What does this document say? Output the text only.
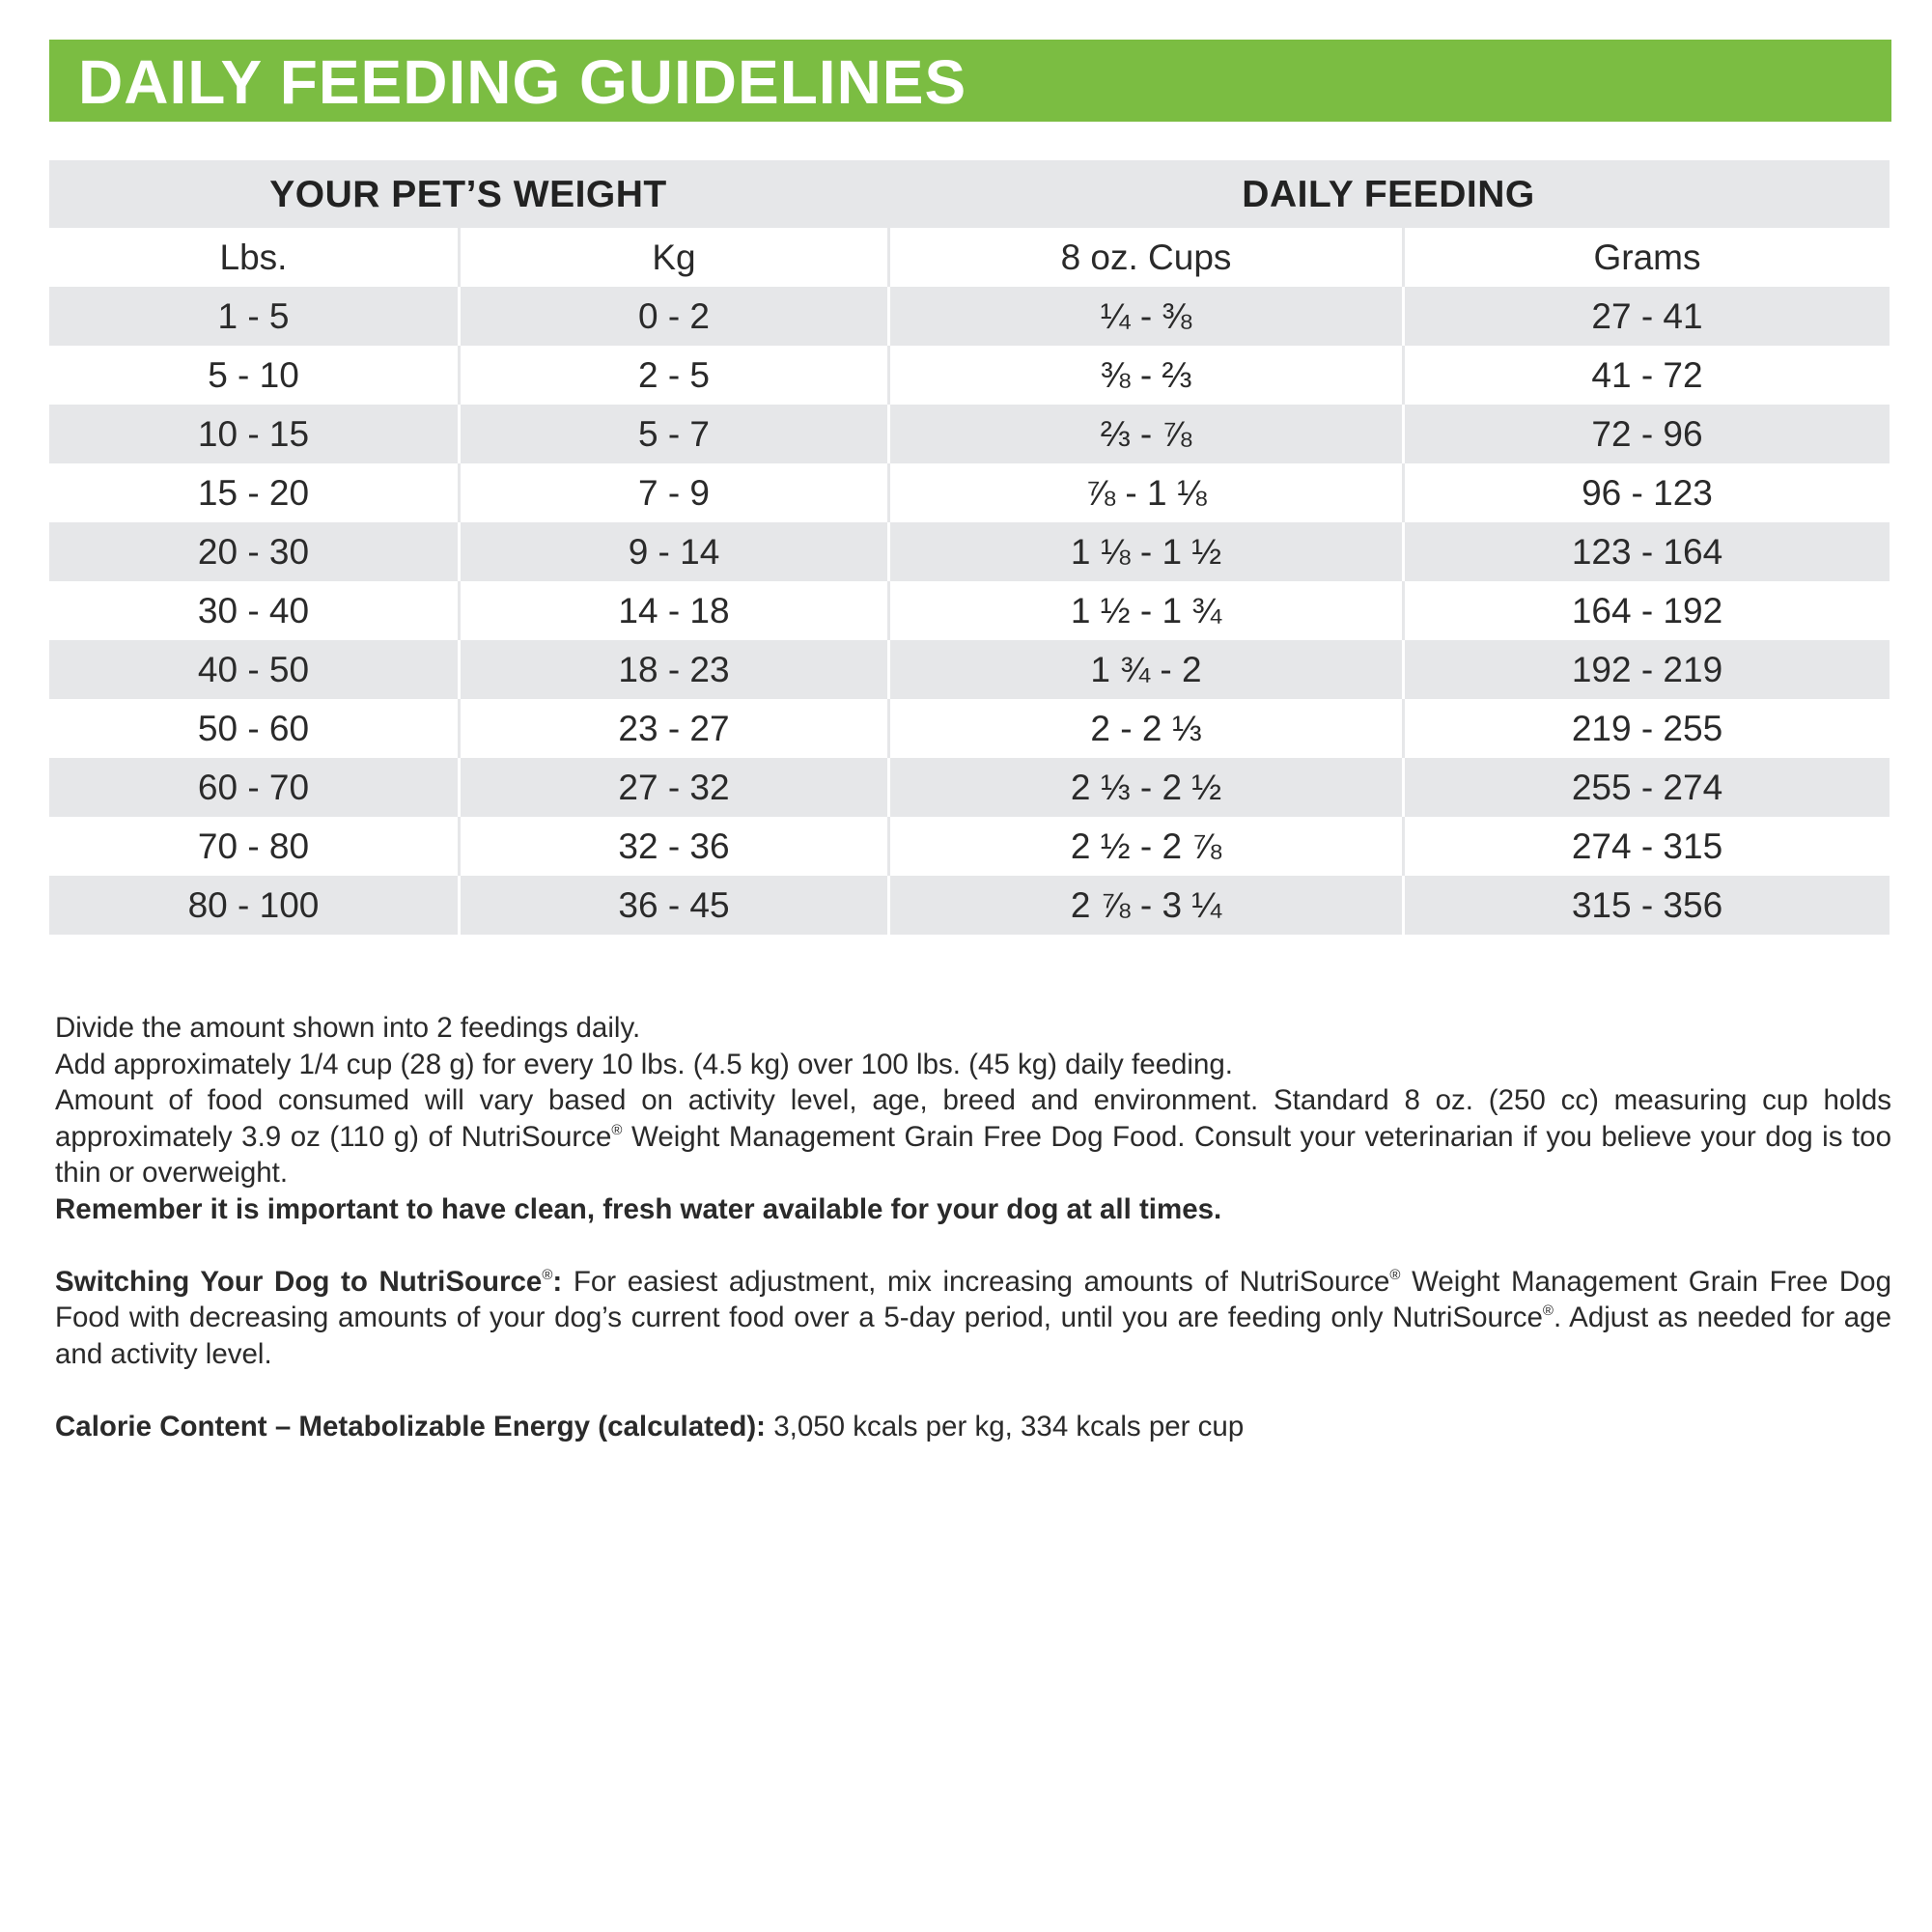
DAILY FEEDING GUIDELINES
YOUR PET’S WEIGHT	DAILY FEEDING
Lbs.	Kg	8 oz. Cups	Grams
1 - 5	0 - 2	¼ - ⅜	27 - 41
5 - 10	2 - 5	⅜ - ⅔	41 - 72
10 - 15	5 - 7	⅔ - ⅞	72 - 96
15 - 20	7 - 9	⅞ - 1 ⅛	96 - 123
20 - 30	9 - 14	1 ⅛ - 1 ½	123 - 164
30 - 40	14 - 18	1 ½ - 1 ¾	164 - 192
40 - 50	18 - 23	1 ¾ - 2	192 - 219
50 - 60	23 - 27	2 - 2 ⅓	219 - 255
60 - 70	27 - 32	2 ⅓ - 2 ½	255 - 274
70 - 80	32 - 36	2 ½ - 2 ⅞	274 - 315
80 - 100	36 - 45	2 ⅞ - 3 ¼	315 - 356

Divide the amount shown into 2 feedings daily.

Add approximately 1/4 cup (28 g) for every 10 lbs. (4.5 kg) over 100 lbs. (45 kg) daily feeding.

Amount of food consumed will vary based on activity level, age, breed and environment. Standard 8 oz. (250 cc) measuring cup holds approximately 3.9 oz (110 g) of NutriSource® Weight Management Grain Free Dog Food. Consult your veterinarian if you believe your dog is too thin or overweight.

Remember it is important to have clean, fresh water available for your dog at all times.

Switching Your Dog to NutriSource®: For easiest adjustment, mix increasing amounts of NutriSource® Weight Management Grain Free Dog Food with decreasing amounts of your dog’s current food over a 5-day period, until you are feeding only NutriSource®. Adjust as needed for age and activity level.

Calorie Content – Metabolizable Energy (calculated): 3,050 kcals per kg, 334 kcals per cup
